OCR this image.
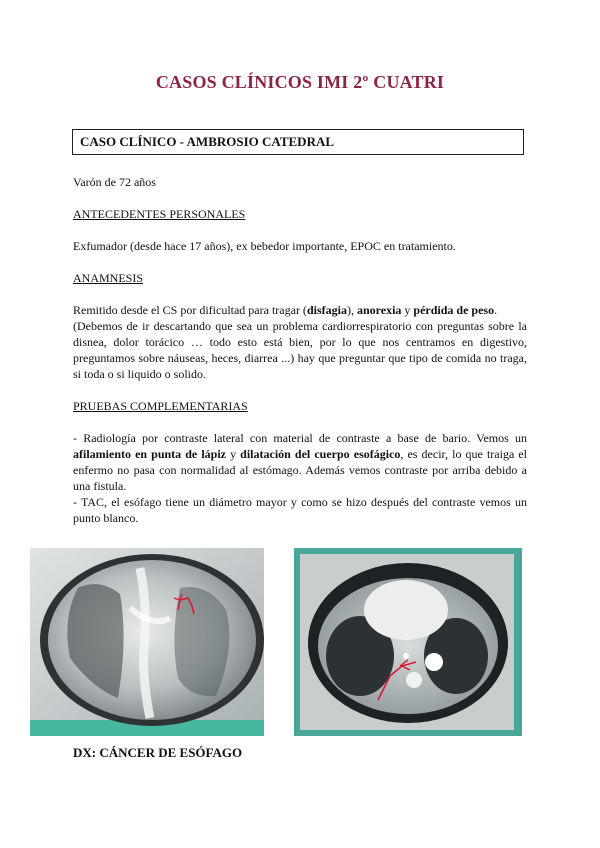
CASOS CLÍNICOS IMI 2º CUATRI
CASO CLÍNICO - AMBROSIO CATEDRAL
Varón de 72 años
ANTECEDENTES PERSONALES
Exfumador (desde hace 17 años), ex bebedor importante, EPOC en tratamiento.
ANAMNESIS
Remitido desde el CS por dificultad para tragar (disfagia), anorexia y pérdida de peso.
(Debemos de ir descartando que sea un problema cardiorrespiratorio con preguntas sobre la disnea, dolor torácico … todo esto está bien, por lo que nos centramos en digestivo, preguntamos sobre náuseas, heces, diarrea ...) hay que preguntar que tipo de comida no traga, si toda o si liquido o solido.
PRUEBAS COMPLEMENTARIAS
- Radiología por contraste lateral con material de contraste a base de bario. Vemos un afilamiento en punta de lápiz y dilatación del cuerpo esofágico, es decir, lo que traiga el enfermo no pasa con normalidad al estómago. Además vemos contraste por arriba debido a una fistula.
- TAC, el esófago tiene un diámetro mayor y como se hizo después del contraste vemos un punto blanco.
DX: CÁNCER DE ESÓFAGO
